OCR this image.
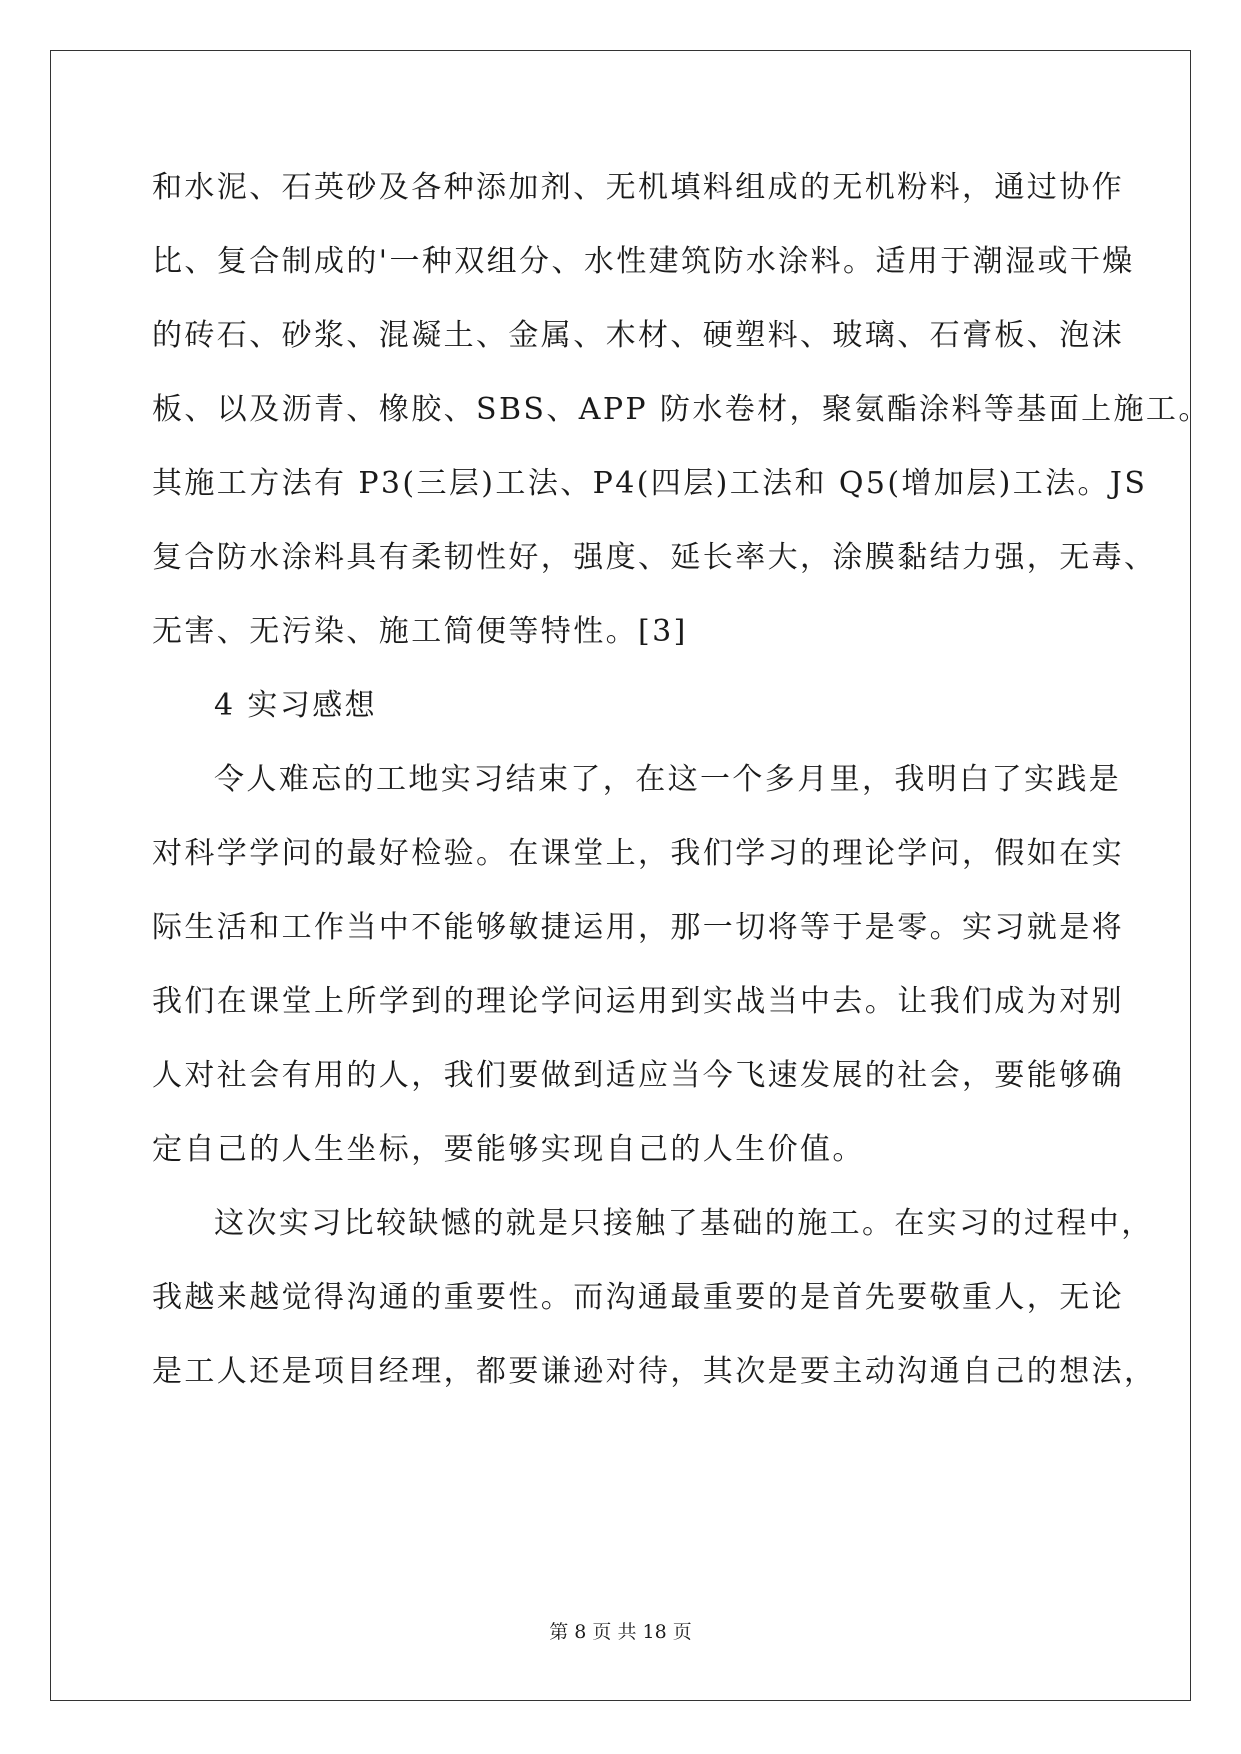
和水泥、石英砂及各种添加剂、无机填料组成的无机粉料，通过协作
比、复合制成的'一种双组分、水性建筑防水涂料。适用于潮湿或干燥
的砖石、砂浆、混凝土、金属、木材、硬塑料、玻璃、石膏板、泡沫
板、以及沥青、橡胶、SBS、APP 防水卷材，聚氨酯涂料等基面上施工。
其施工方法有 P3(三层)工法、P4(四层)工法和 Q5(增加层)工法。JS
复合防水涂料具有柔韧性好，强度、延长率大，涂膜黏结力强，无毒、
无害、无污染、施工简便等特性。[3]
4 实习感想
令人难忘的工地实习结束了，在这一个多月里，我明白了实践是
对科学学问的最好检验。在课堂上，我们学习的理论学问，假如在实
际生活和工作当中不能够敏捷运用，那一切将等于是零。实习就是将
我们在课堂上所学到的理论学问运用到实战当中去。让我们成为对别
人对社会有用的人，我们要做到适应当今飞速发展的社会，要能够确
定自己的人生坐标，要能够实现自己的人生价值。
这次实习比较缺憾的就是只接触了基础的施工。在实习的过程中，
我越来越觉得沟通的重要性。而沟通最重要的是首先要敬重人，无论
是工人还是项目经理，都要谦逊对待，其次是要主动沟通自己的想法，
第 8 页 共 18 页
